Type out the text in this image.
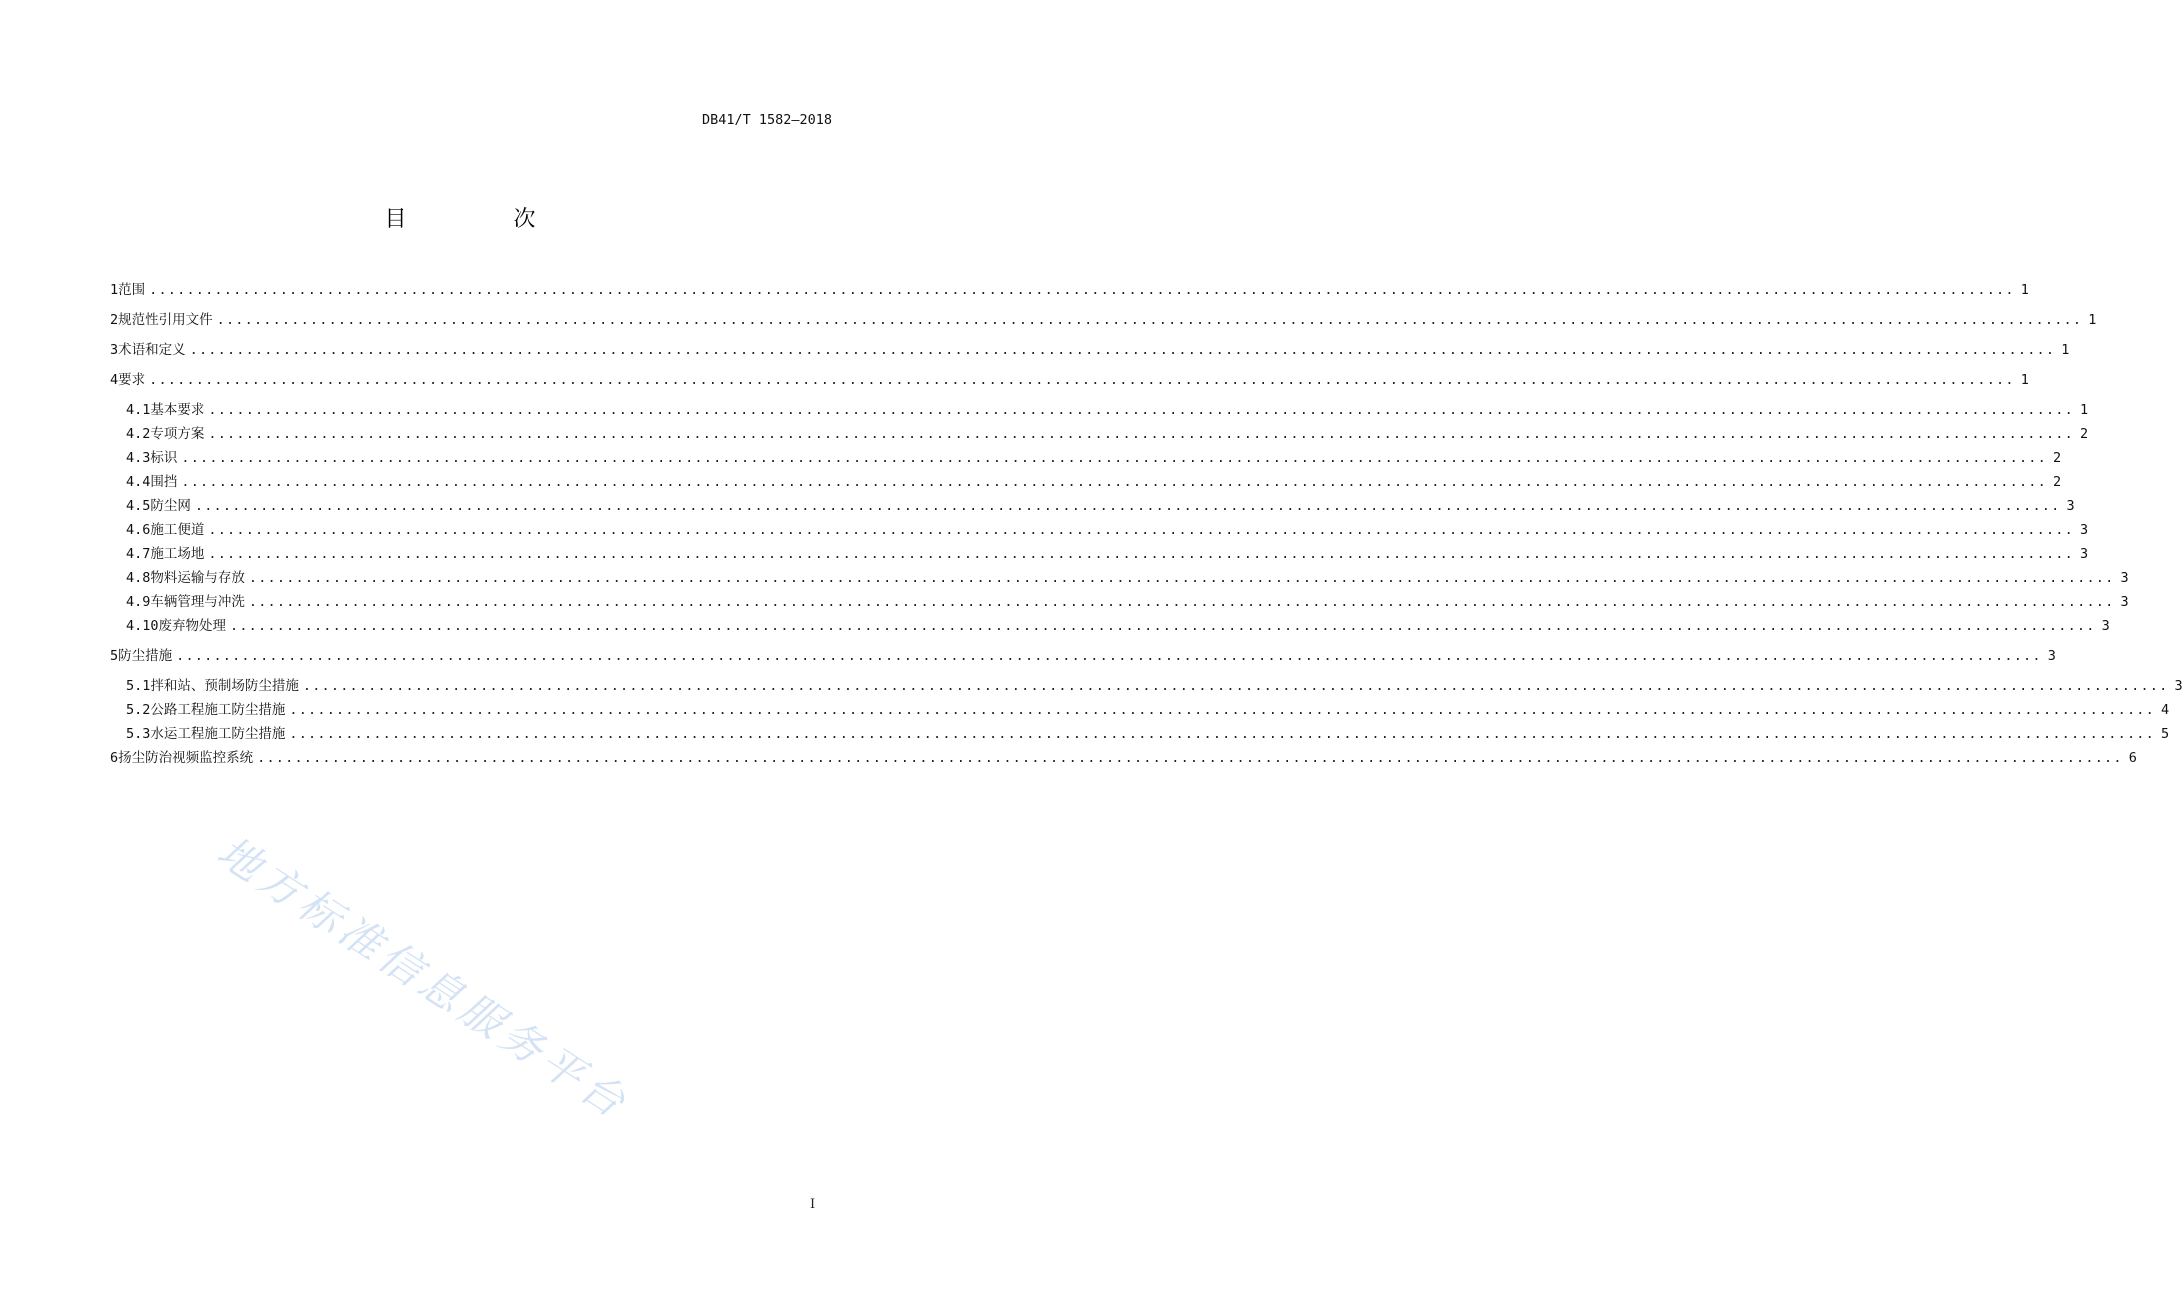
DB41/T 1582—2018
目 次
1 范围 ........................................................................................................................................................................................................ 1
2 规范性引用文件 ........................................................................................................................................................................................................ 1
3 术语和定义 ........................................................................................................................................................................................................ 1
4 要求 ........................................................................................................................................................................................................ 1
4.1 基本要求 ........................................................................................................................................................................................................ 1
4.2 专项方案 ........................................................................................................................................................................................................ 2
4.3 标识 ........................................................................................................................................................................................................ 2
4.4 围挡 ........................................................................................................................................................................................................ 2
4.5 防尘网 ........................................................................................................................................................................................................ 3
4.6 施工便道 ........................................................................................................................................................................................................ 3
4.7 施工场地 ........................................................................................................................................................................................................ 3
4.8 物料运输与存放 ........................................................................................................................................................................................................ 3
4.9 车辆管理与冲洗 ........................................................................................................................................................................................................ 3
4.10 废弃物处理 ........................................................................................................................................................................................................ 3
5 防尘措施 ........................................................................................................................................................................................................ 3
5.1 拌和站、预制场防尘措施 ........................................................................................................................................................................................................ 3
5.2 公路工程施工防尘措施 ........................................................................................................................................................................................................ 4
5.3 水运工程施工防尘措施 ........................................................................................................................................................................................................ 5
6 扬尘防治视频监控系统 ........................................................................................................................................................................................................ 6
地方标准信息服务平台
I
